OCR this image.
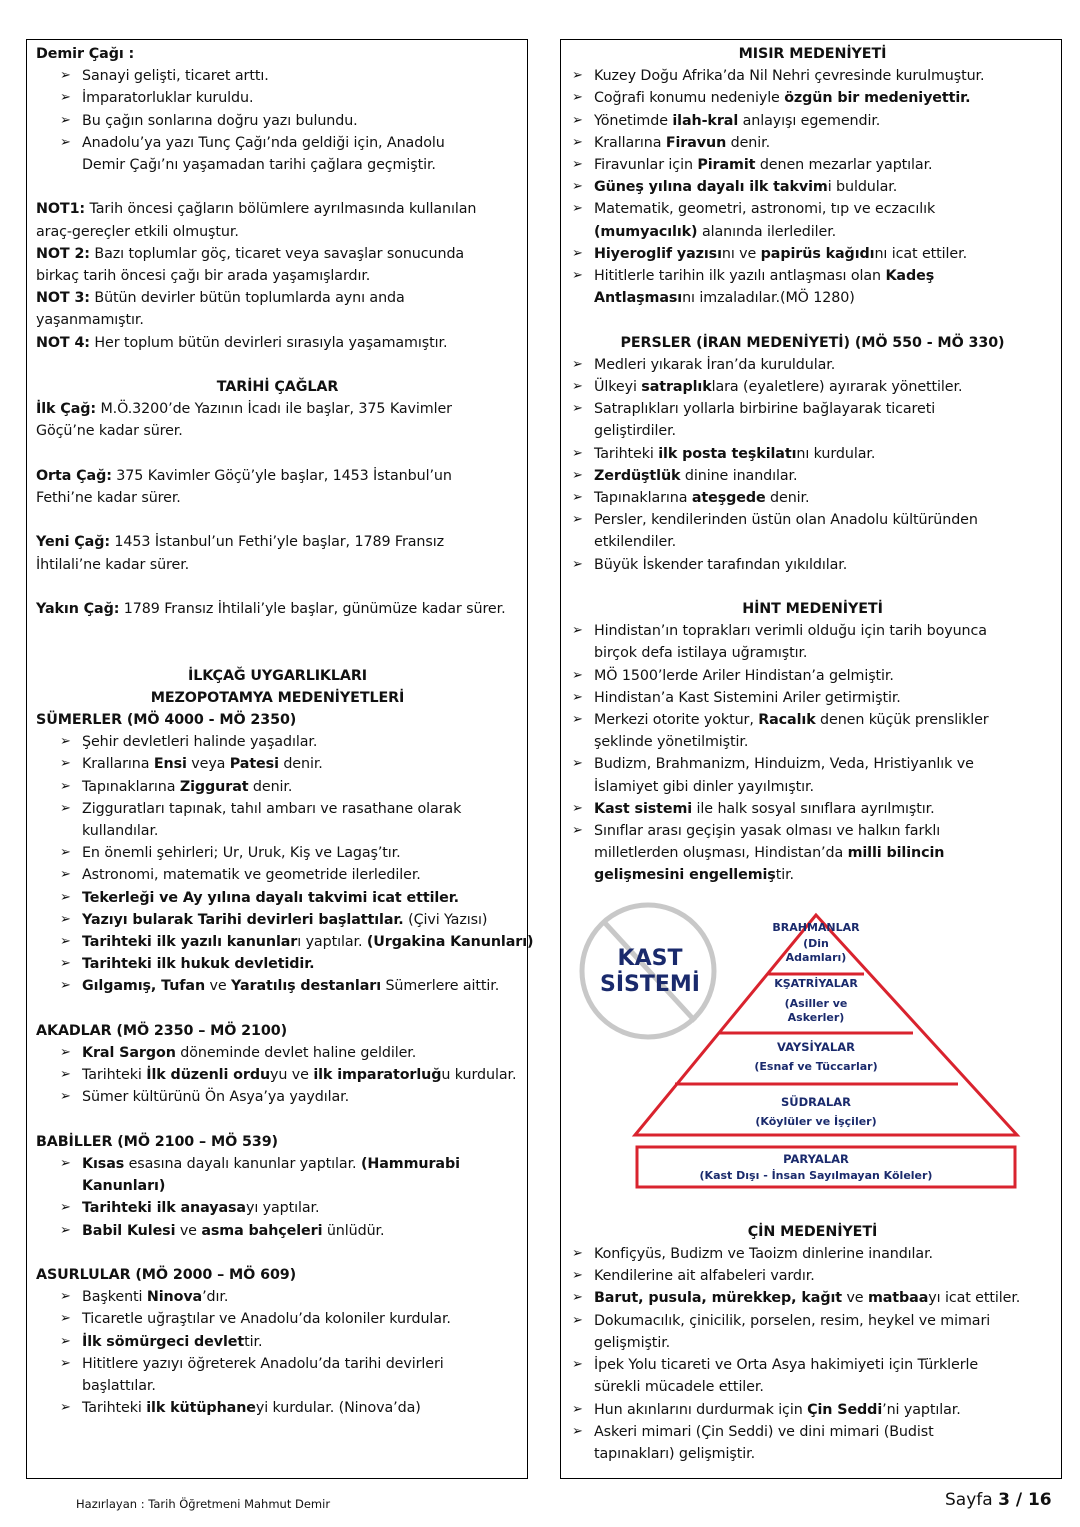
Demir Çağı :
➢ Sanayi gelişti, ticaret arttı.
➢ İmparatorluklar kuruldu.
➢ Bu çağın sonlarına doğru yazı bulundu.
➢ Anadolu’ya yazı Tunç Çağı’nda geldiği için, Anadolu
Demir Çağı’nı yaşamadan tarihi çağlara geçmiştir.
NOT1: Tarih öncesi çağların bölümlere ayrılmasında kullanılan
araç-gereçler etkili olmuştur.
NOT 2: Bazı toplumlar göç, ticaret veya savaşlar sonucunda
birkaç tarih öncesi çağı bir arada yaşamışlardır.
NOT 3: Bütün devirler bütün toplumlarda aynı anda
yaşanmamıştır.
NOT 4: Her toplum bütün devirleri sırasıyla yaşamamıştır.
TARİHİ ÇAĞLAR
İlk Çağ: M.Ö.3200’de Yazının İcadı ile başlar, 375 Kavimler
Göçü’ne kadar sürer.
Orta Çağ: 375 Kavimler Göçü’yle başlar, 1453 İstanbul’un
Fethi’ne kadar sürer.
Yeni Çağ: 1453 İstanbul’un Fethi’yle başlar, 1789 Fransız
İhtilali’ne kadar sürer.
Yakın Çağ: 1789 Fransız İhtilali’yle başlar, günümüze kadar sürer.
İLKÇAĞ UYGARLIKLARI
MEZOPOTAMYA MEDENİYETLERİ
SÜMERLER (MÖ 4000 - MÖ 2350)
➢ Şehir devletleri halinde yaşadılar.
➢ Krallarına Ensi veya Patesi denir.
➢ Tapınaklarına Ziggurat denir.
➢ Zigguratları tapınak, tahıl ambarı ve rasathane olarak
kullandılar.
➢ En önemli şehirleri; Ur, Uruk, Kiş ve Lagaş’tır.
➢ Astronomi, matematik ve geometride ilerlediler.
➢ Tekerleği ve Ay yılına dayalı takvimi icat ettiler.
➢ Yazıyı bularak Tarihi devirleri başlattılar. (Çivi Yazısı)
➢ Tarihteki ilk yazılı kanunları yaptılar. (Urgakina Kanunları)
➢ Tarihteki ilk hukuk devletidir.
➢ Gılgamış, Tufan ve Yaratılış destanları Sümerlere aittir.
AKADLAR (MÖ 2350 – MÖ 2100)
➢ Kral Sargon döneminde devlet haline geldiler.
➢ Tarihteki İlk düzenli orduyu ve ilk imparatorluğu kurdular.
➢ Sümer kültürünü Ön Asya’ya yaydılar.
BABİLLER (MÖ 2100 – MÖ 539)
➢ Kısas esasına dayalı kanunlar yaptılar. (Hammurabi
Kanunları)
➢ Tarihteki ilk anayasayı yaptılar.
➢ Babil Kulesi ve asma bahçeleri ünlüdür.
ASURLULAR (MÖ 2000 – MÖ 609)
➢ Başkenti Ninova’dır.
➢ Ticaretle uğraştılar ve Anadolu’da koloniler kurdular.
➢ İlk sömürgeci devlettir.
➢ Hititlere yazıyı öğreterek Anadolu’da tarihi devirleri
başlattılar.
➢ Tarihteki ilk kütüphaneyi kurdular. (Ninova’da)
MISIR MEDENİYETİ
➢ Kuzey Doğu Afrika’da Nil Nehri çevresinde kurulmuştur.
➢ Coğrafi konumu nedeniyle özgün bir medeniyettir.
➢ Yönetimde ilah-kral anlayışı egemendir.
➢ Krallarına Firavun denir.
➢ Firavunlar için Piramit denen mezarlar yaptılar.
➢ Güneş yılına dayalı ilk takvimi buldular.
➢ Matematik, geometri, astronomi, tıp ve eczacılık
(mumyacılık) alanında ilerlediler.
➢ Hiyeroglif yazısını ve papirüs kağıdını icat ettiler.
➢ Hititlerle tarihin ilk yazılı antlaşması olan Kadeş
Antlaşmasını imzaladılar.(MÖ 1280)
PERSLER (İRAN MEDENİYETİ) (MÖ 550 - MÖ 330)
➢ Medleri yıkarak İran’da kuruldular.
➢ Ülkeyi satraplıklara (eyaletlere) ayırarak yönettiler.
➢ Satraplıkları yollarla birbirine bağlayarak ticareti
geliştirdiler.
➢ Tarihteki ilk posta teşkilatını kurdular.
➢ Zerdüştlük dinine inandılar.
➢ Tapınaklarına ateşgede denir.
➢ Persler, kendilerinden üstün olan Anadolu kültüründen
etkilendiler.
➢ Büyük İskender tarafından yıkıldılar.
HİNT MEDENİYETİ
➢ Hindistan’ın toprakları verimli olduğu için tarih boyunca
birçok defa istilaya uğramıştır.
➢ MÖ 1500’lerde Ariler Hindistan’a gelmiştir.
➢ Hindistan’a Kast Sistemini Ariler getirmiştir.
➢ Merkezi otorite yoktur, Racalık denen küçük prenslikler
şeklinde yönetilmiştir.
➢ Budizm, Brahmanizm, Hinduizm, Veda, Hristiyanlık ve
İslamiyet gibi dinler yayılmıştır.
➢ Kast sistemi ile halk sosyal sınıflara ayrılmıştır.
➢ Sınıflar arası geçişin yasak olması ve halkın farklı
milletlerden oluşması, Hindistan’da milli bilincin
gelişmesini engellemiştir.
KAST
SİSTEMİ
BRAHMANLAR
(Din
Adamları)
KŞATRİYALAR
(Asiller ve
Askerler)
VAYSİYALAR
(Esnaf ve Tüccarlar)
SÜDRALAR
(Köylüler ve İşçiler)
PARYALAR
(Kast Dışı - İnsan Sayılmayan Köleler)
ÇİN MEDENİYETİ
➢ Konfiçyüs, Budizm ve Taoizm dinlerine inandılar.
➢ Kendilerine ait alfabeleri vardır.
➢ Barut, pusula, mürekkep, kağıt ve matbaayı icat ettiler.
➢ Dokumacılık, çinicilik, porselen, resim, heykel ve mimari
gelişmiştir.
➢ İpek Yolu ticareti ve Orta Asya hakimiyeti için Türklerle
sürekli mücadele ettiler.
➢ Hun akınlarını durdurmak için Çin Seddi’ni yaptılar.
➢ Askeri mimari (Çin Seddi) ve dini mimari (Budist
tapınakları) gelişmiştir.
Hazırlayan : Tarih Öğretmeni Mahmut Demir	Sayfa 3 / 16
